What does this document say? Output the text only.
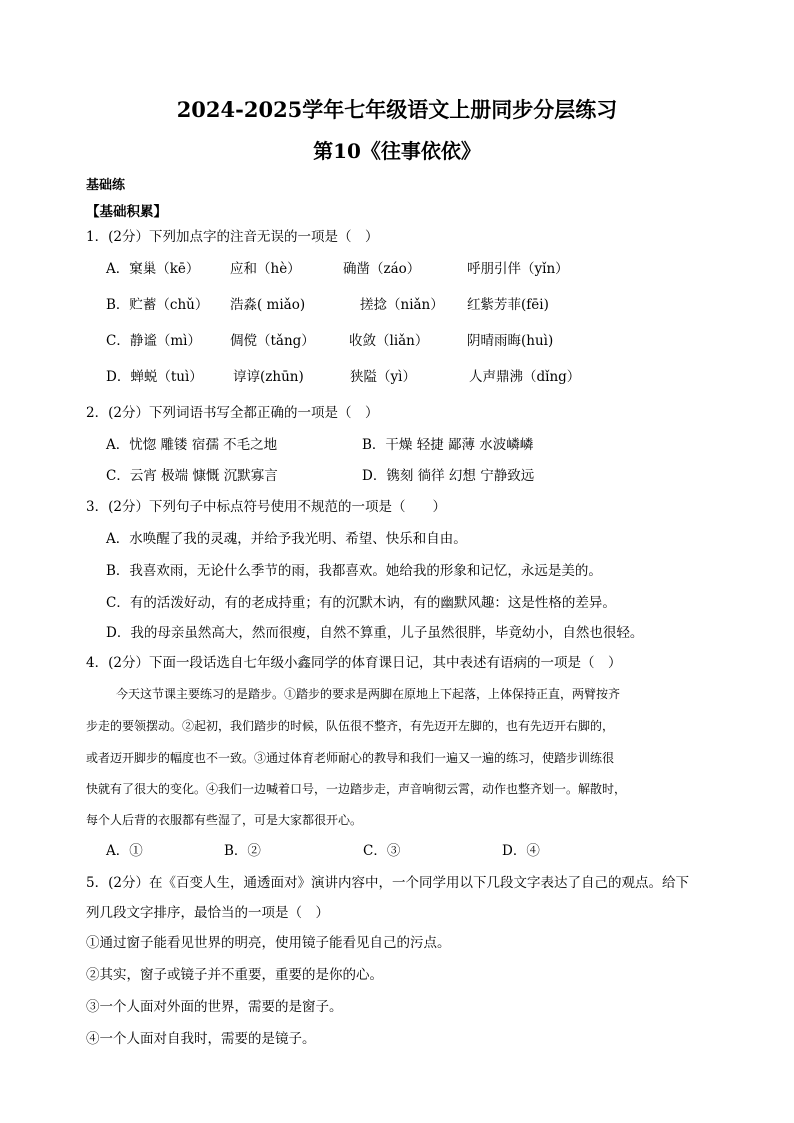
2024-2025学年七年级语文上册同步分层练习
第10《往事依依》
基础练
【基础积累】
1．(2分）下列加点字的注音无误的一项是（　）
A．窠巢（kē） 应和（hè）	确凿（záo）	呼朋引伴（yǐn）
B．贮蓄（chǔ） 浩淼( miǎo)	搓捻（niǎn） 红紫芳菲(fēi)
C．静谧（mì） 倜傥（tǎng）	收敛（liǎn）	阴晴雨晦(huì)
D．蝉蜕（tuì） 谆谆(zhūn)	狭隘（yì）	人声鼎沸（dǐng）
2．(2分）下列词语书写全都正确的一项是（　）
A．忧惚 雕镂 宿孺 不毛之地	B．干燥 轻捷 鄙薄 水波嶙嶙
C．云宵 极端 慷慨 沉默寡言	D．镌刻 徜徉 幻想 宁静致远
3．(2分）下列句子中标点符号使用不规范的一项是（　　）
A．水唤醒了我的灵魂，并给予我光明、希望、快乐和自由。
B．我喜欢雨，无论什么季节的雨，我都喜欢。她给我的形象和记忆，永远是美的。
C．有的活泼好动，有的老成持重；有的沉默木讷，有的幽默风趣：这是性格的差异。
D．我的母亲虽然高大，然而很瘦，自然不算重，儿子虽然很胖，毕竟幼小，自然也很轻。
4．(2分）下面一段话选自七年级小鑫同学的体育课日记，其中表述有语病的一项是（　）
今天这节课主要练习的是踏步。①踏步的要求是两脚在原地上下起落，上体保持正直，两臂按齐
步走的要领摆动。②起初，我们踏步的时候，队伍很不整齐，有先迈开左脚的，也有先迈开右脚的，
或者迈开脚步的幅度也不一致。③通过体育老师耐心的教导和我们一遍又一遍的练习，使踏步训练很
快就有了很大的变化。④我们一边喊着口号，一边踏步走，声音响彻云霄，动作也整齐划一。解散时，
每个人后背的衣服都有些湿了，可是大家都很开心。
A．①	B．②	C．③	D．④
5．(2分）在《百变人生，通透面对》演讲内容中，一个同学用以下几段文字表达了自己的观点。给下
列几段文字排序，最恰当的一项是（　）
①通过窗子能看见世界的明亮，使用镜子能看见自己的污点。
②其实，窗子或镜子并不重要，重要的是你的心。
③一个人面对外面的世界，需要的是窗子。
④一个人面对自我时，需要的是镜子。
